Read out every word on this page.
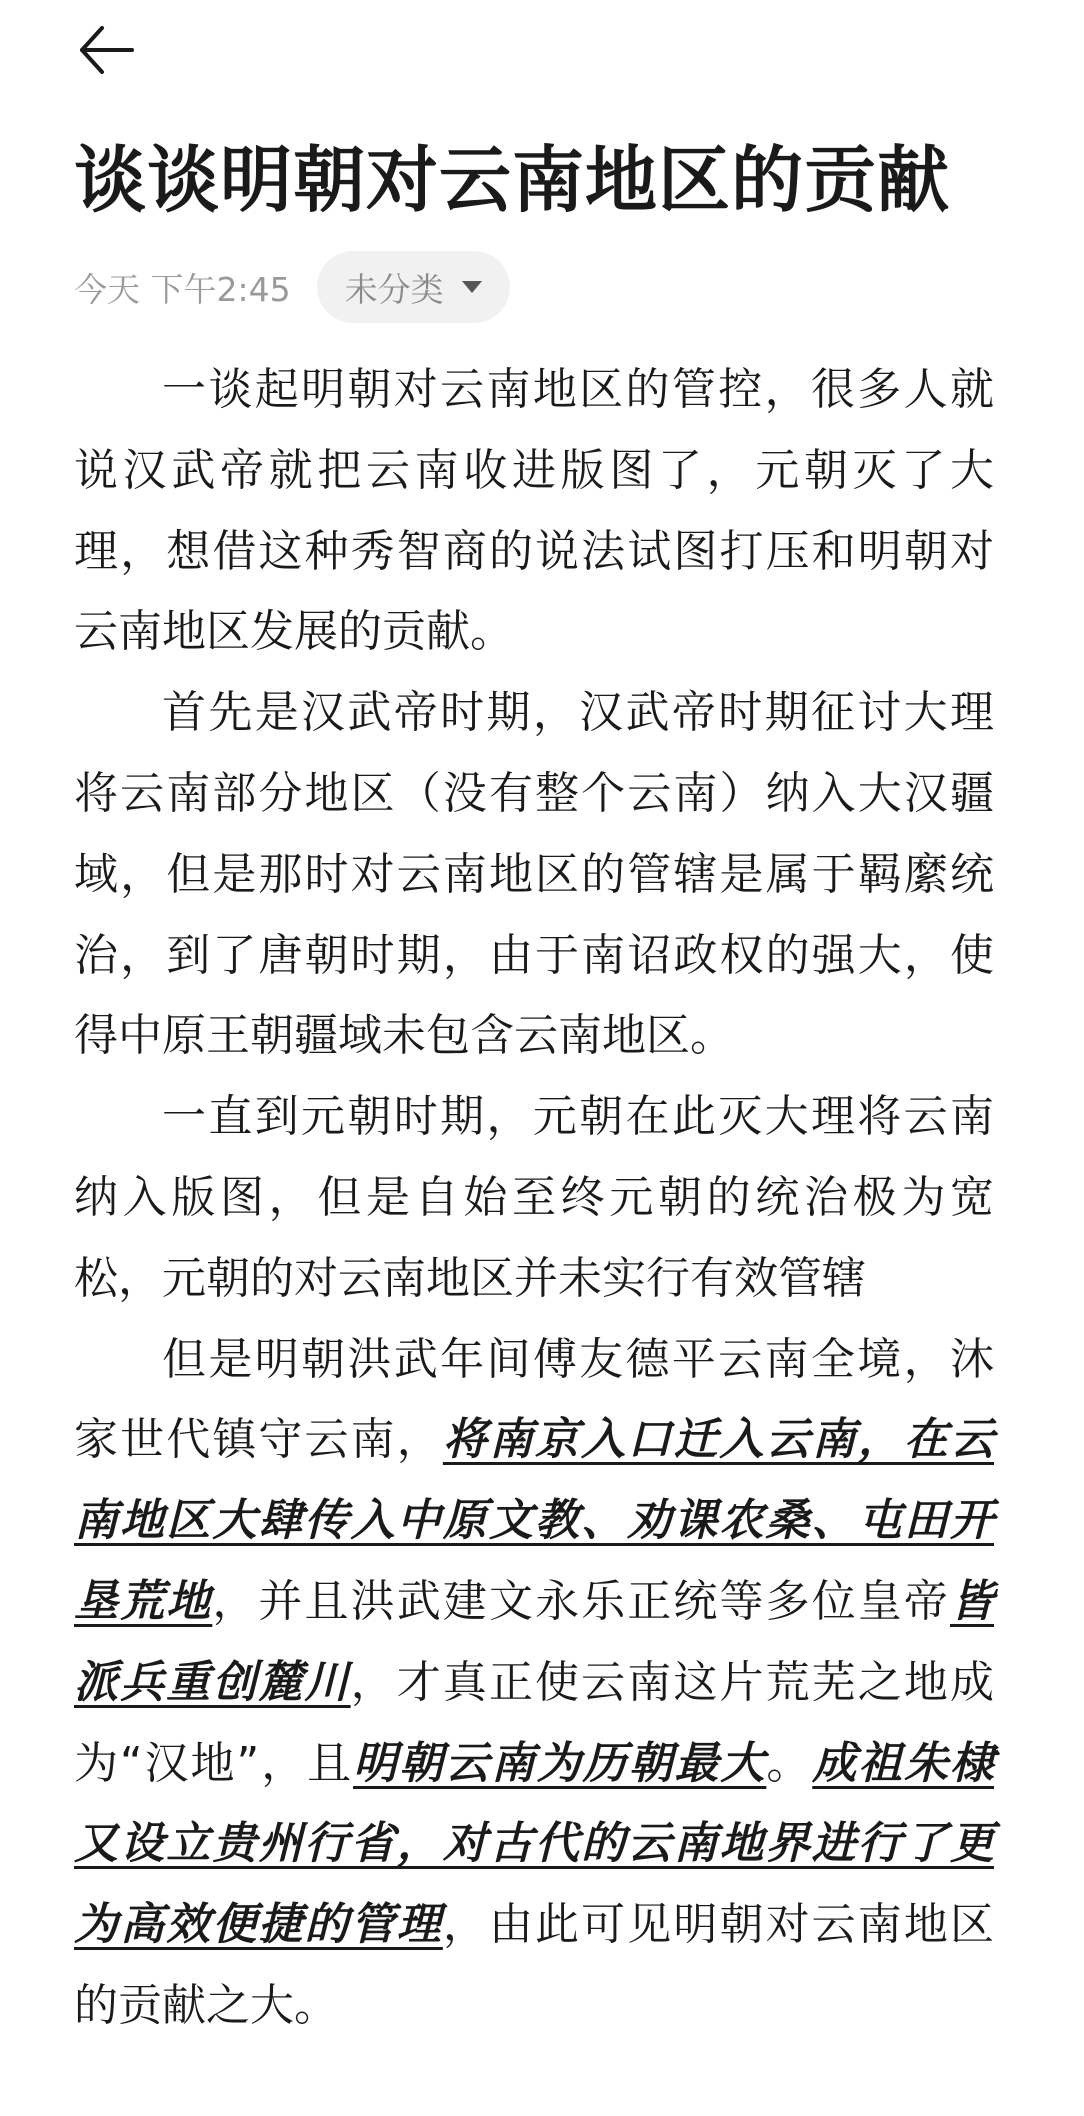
谈谈明朝对云南地区的贡献
今天 下午2:45 未分类

一谈起明朝对云南地区的管控，很多人就说汉武帝就把云南收进版图了，元朝灭了大理，想借这种秀智商的说法试图打压和明朝对云南地区发展的贡献。

首先是汉武帝时期，汉武帝时期征讨大理将云南部分地区（没有整个云南）纳入大汉疆域，但是那时对云南地区的管辖是属于羁縻统治，到了唐朝时期，由于南诏政权的强大，使得中原王朝疆域未包含云南地区。

一直到元朝时期，元朝在此灭大理将云南纳入版图，但是自始至终元朝的统治极为宽松，元朝的对云南地区并未实行有效管辖

但是明朝洪武年间傅友德平云南全境，沐家世代镇守云南，将南京入口迁入云南，在云南地区大肆传入中原文教、劝课农桑、屯田开垦荒地，并且洪武建文永乐正统等多位皇帝皆派兵重创麓川，才真正使云南这片荒芜之地成为“汉地”，且明朝云南为历朝最大。成祖朱棣又设立贵州行省，对古代的云南地界进行了更为高效便捷的管理，由此可见明朝对云南地区的贡献之大。
